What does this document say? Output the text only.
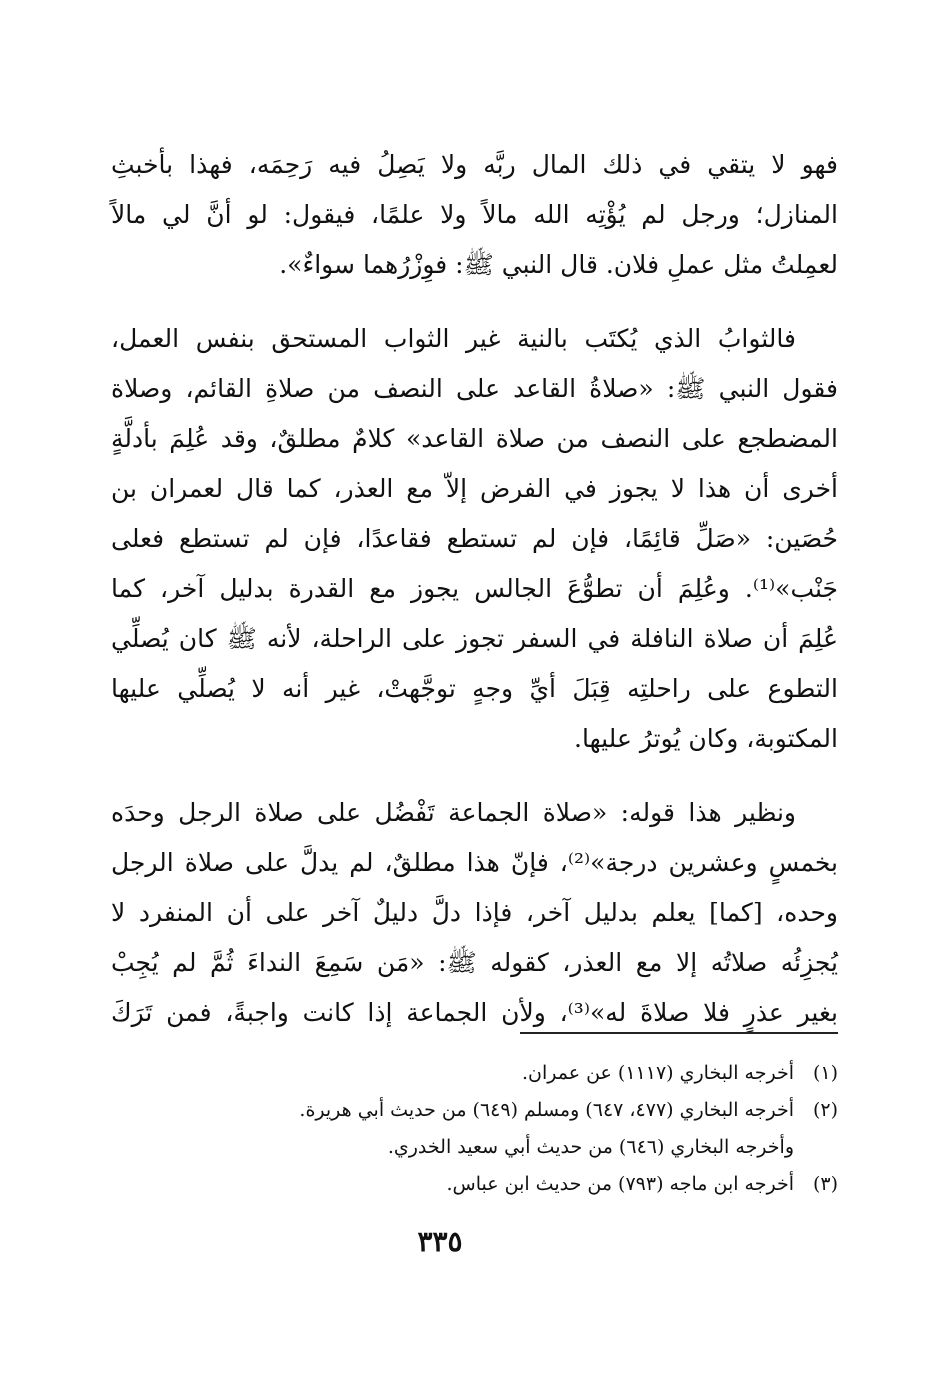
فهو لا يتقي في ذلك المال ربَّه ولا يَصِلُ فيه رَحِمَه، فهذا بأخبثِ
المنازل؛ ورجل لم يُؤْتِه الله مالاً ولا علمًا، فيقول: لو أنَّ لي مالاً
لعمِلتُ مثل عملِ فلان. قال النبي ﷺ: فوِزْرُهما سواءٌ».
فالثوابُ الذي يُكتَب بالنية غير الثواب المستحق بنفس العمل،
فقول النبي ﷺ: «صلاةُ القاعد على النصف من صلاةِ القائم، وصلاة
المضطجع على النصف من صلاة القاعد» كلامٌ مطلقٌ، وقد عُلِمَ بأدلَّةٍ
أخرى أن هذا لا يجوز في الفرض إلاّ مع العذر، كما قال لعمران بن
حُصَين: «صَلِّ قائِمًا، فإن لم تستطع فقاعدًا، فإن لم تستطع فعلى
جَنْب»⁽¹⁾. وعُلِمَ أن تطوُّعَ الجالس يجوز مع القدرة بدليل آخر، كما
عُلِمَ أن صلاة النافلة في السفر تجوز على الراحلة، لأنه ﷺ كان يُصلِّي
التطوع على راحلتِه قِبَلَ أيِّ وجهٍ توجَّهتْ، غير أنه لا يُصلِّي عليها
المكتوبة، وكان يُوترُ عليها.
ونظير هذا قوله: «صلاة الجماعة تَفْضُل على صلاة الرجل وحدَه
بخمسٍ وعشرين درجة»⁽²⁾، فإنّ هذا مطلقٌ، لم يدلَّ على صلاة الرجل
وحده، [كما] يعلم بدليل آخر، فإذا دلَّ دليلٌ آخر على أن المنفرد لا
يُجزِئُه صلاتُه إلا مع العذر، كقوله ﷺ: «مَن سَمِعَ النداءَ ثُمَّ لم يُجِبْ
بغير عذرٍ فلا صلاةَ له»⁽³⁾، ولأن الجماعة إذا كانت واجبةً، فمن تَرَكَ
(١)
أخرجه البخاري (١١١٧) عن عمران.
(٢)
أخرجه البخاري (٤٧٧، ٦٤٧) ومسلم (٦٤٩) من حديث أبي هريرة.
وأخرجه البخاري (٦٤٦) من حديث أبي سعيد الخدري.
(٣)
أخرجه ابن ماجه (٧٩٣) من حديث ابن عباس.
٣٣٥
